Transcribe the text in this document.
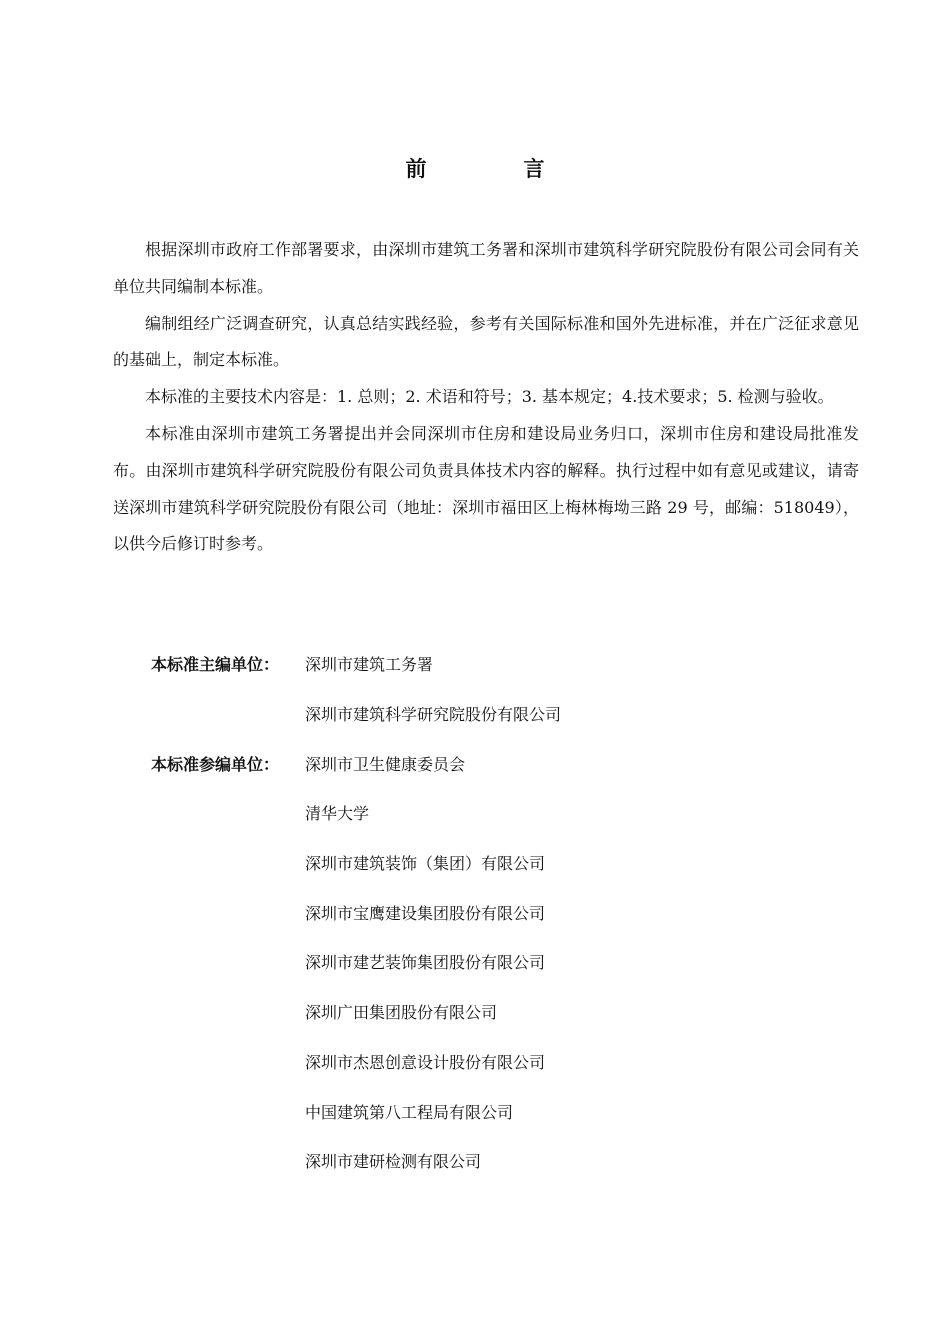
前　言

根据深圳市政府工作部署要求，由深圳市建筑工务署和深圳市建筑科学研究院股份有限公司会同有关单位共同编制本标准。

编制组经广泛调查研究，认真总结实践经验，参考有关国际标准和国外先进标准，并在广泛征求意见的基础上，制定本标准。

本标准的主要技术内容是：1. 总则；2. 术语和符号；3. 基本规定；4.技术要求；5. 检测与验收。

本标准由深圳市建筑工务署提出并会同深圳市住房和建设局业务归口，深圳市住房和建设局批准发布。由深圳市建筑科学研究院股份有限公司负责具体技术内容的解释。执行过程中如有意见或建议，请寄送深圳市建筑科学研究院股份有限公司（地址：深圳市福田区上梅林梅坳三路 29 号，邮编：518049），以供今后修订时参考。

本标准主编单位：	深圳市建筑工务署
深圳市建筑科学研究院股份有限公司
本标准参编单位：	深圳市卫生健康委员会
清华大学
深圳市建筑装饰（集团）有限公司
深圳市宝鹰建设集团股份有限公司
深圳市建艺装饰集团股份有限公司
深圳广田集团股份有限公司
深圳市杰恩创意设计股份有限公司
中国建筑第八工程局有限公司
深圳市建研检测有限公司
